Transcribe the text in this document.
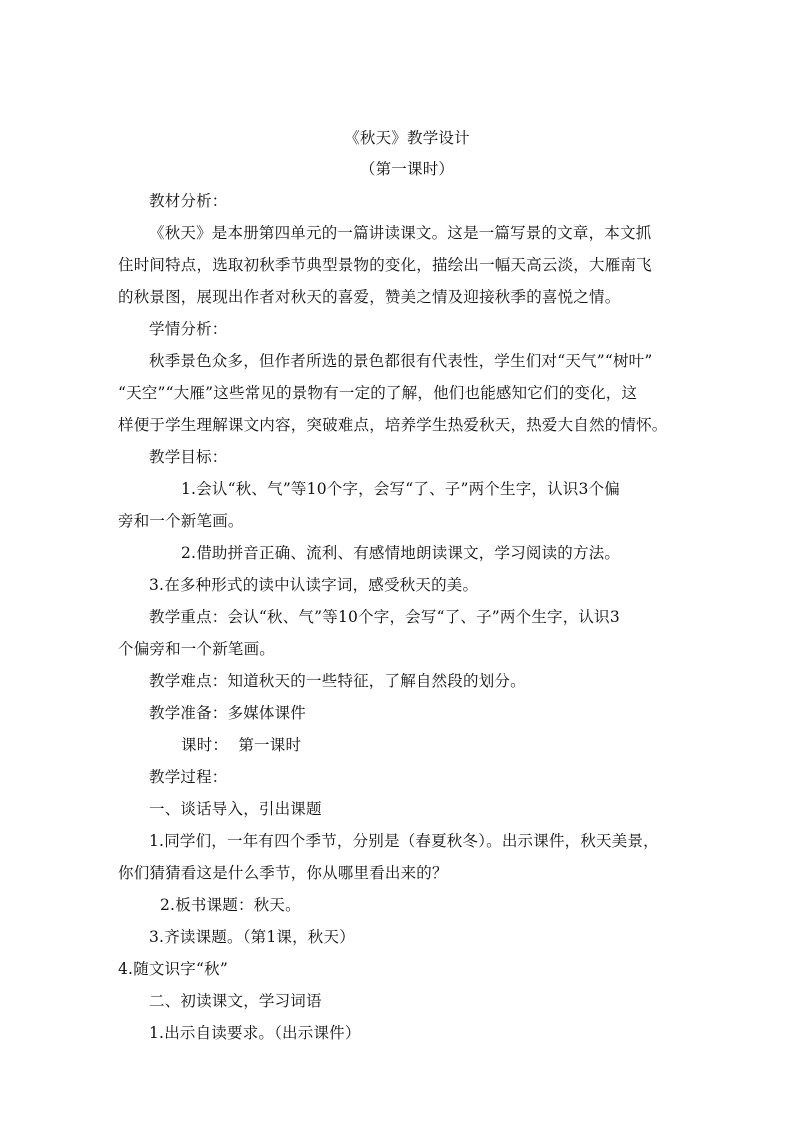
《秋天》教学设计
（第一课时）
教材分析：
《秋天》是本册第四单元的一篇讲读课文。这是一篇写景的文章，本文抓
住时间特点，选取初秋季节典型景物的变化，描绘出一幅天高云淡，大雁南飞
的秋景图，展现出作者对秋天的喜爱，赞美之情及迎接秋季的喜悦之情。
学情分析：
秋季景色众多，但作者所选的景色都很有代表性，学生们对“天气”“树叶”
“天空”“大雁”这些常见的景物有一定的了解，他们也能感知它们的变化，这
样便于学生理解课文内容，突破难点，培养学生热爱秋天，热爱大自然的情怀。
教学目标：
1.会认“秋、气”等10个字，会写“了、子”两个生字，认识3个偏
旁和一个新笔画。
2.借助拼音正确、流利、有感情地朗读课文，学习阅读的方法。
3.在多种形式的读中认读字词，感受秋天的美。
教学重点：会认“秋、气”等10个字，会写“了、子”两个生字，认识3
个偏旁和一个新笔画。
教学难点：知道秋天的一些特征，了解自然段的划分。
教学准备：多媒体课件
课时：  第一课时
教学过程：
一、谈话导入，引出课题
1.同学们，一年有四个季节，分别是（春夏秋冬）。出示课件，秋天美景，
你们猜猜看这是什么季节，你从哪里看出来的？
2.板书课题：秋天。
3.齐读课题。（第1课，秋天）
4.随文识字“秋”
二、初读课文，学习词语
1.出示自读要求。（出示课件）
